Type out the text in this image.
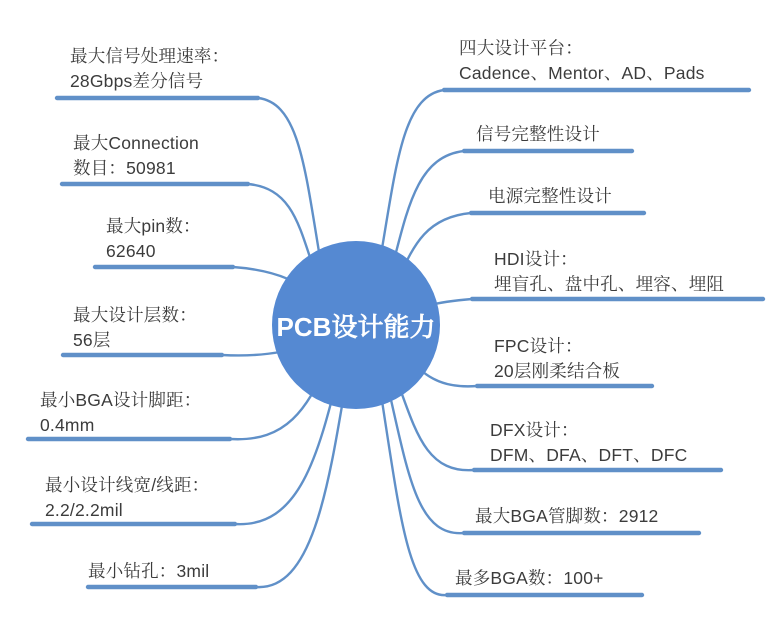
PCB设计能力
最大信号处理速率：
28Gbps差分信号
最大Connection
数目：50981
最大pin数：
62640
最大设计层数：
56层
最小BGA设计脚距：
0.4mm
最小设计线宽/线距：
2.2/2.2mil
最小钻孔：3mil
四大设计平台：
Cadence、Mentor、AD、Pads
信号完整性设计
电源完整性设计
HDI设计：
埋盲孔、盘中孔、埋容、埋阻
FPC设计：
20层刚柔结合板
DFX设计：
DFM、DFA、DFT、DFC
最大BGA管脚数：2912
最多BGA数：100+
